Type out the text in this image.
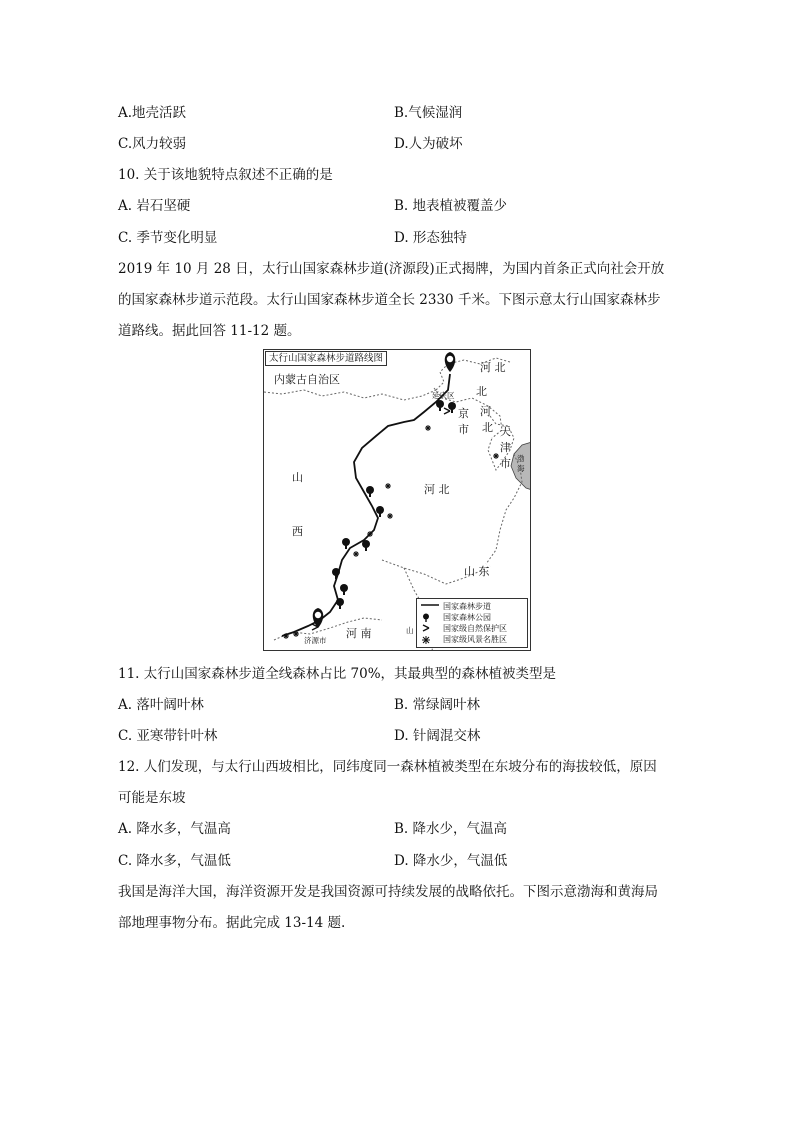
A.地壳活跃	B.气候湿润
C.风力较弱	D.人为破坏
10. 关于该地貌特点叙述不正确的是
A. 岩石坚硬	B. 地表植被覆盖少
C. 季节变化明显	D. 形态独特
2019 年 10 月 28 日，太行山国家森林步道(济源段)正式揭牌，为国内首条正式向社会开放
的国家森林步道示范段。太行山国家森林步道全长 2330 千米。下图示意太行山国家森林步
道路线。据此回答 11-12 题。
太行山国家森林步道路线图
河 北
内蒙古自治区
延庆区 北
京 河
市 北 天
津
市 渤
海
山
西
河 北
山 东
河 南
济源市
山
国家森林步道
国家森林公园
国家级自然保护区
国家级风景名胜区
11. 太行山国家森林步道全线森林占比 70%，其最典型的森林植被类型是
A. 落叶阔叶林	B. 常绿阔叶林
C. 亚寒带针叶林	D. 针阔混交林
12. 人们发现，与太行山西坡相比，同纬度同一森林植被类型在东坡分布的海拔较低，原因
可能是东坡
A. 降水多，气温高	B. 降水少，气温高
C. 降水多，气温低	D. 降水少，气温低
我国是海洋大国，海洋资源开发是我国资源可持续发展的战略依托。下图示意渤海和黄海局
部地理事物分布。据此完成 13-14 题.
